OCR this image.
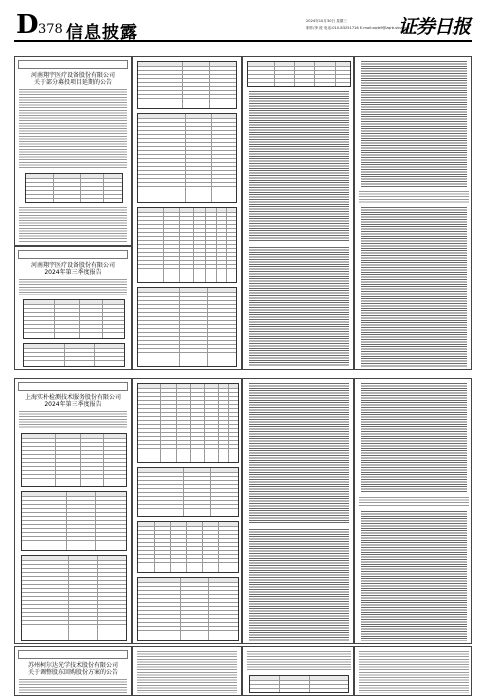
D 378 信息披露
2024年10月30日 星期三
制作/李 波 电话:010-83251716 E-mail:zqrb9@zqrb.sina.net
证券日报
河南翔宇医疗设备股份有限公司
关于部分募投项目延期的公告
河南翔宇医疗设备股份有限公司
2024年第三季度报告
上海实朴检测技术服务股份有限公司
2024年第三季度报告
苏州柯尔达光学技术股份有限公司
关于调整股东回购股份方案的公告
